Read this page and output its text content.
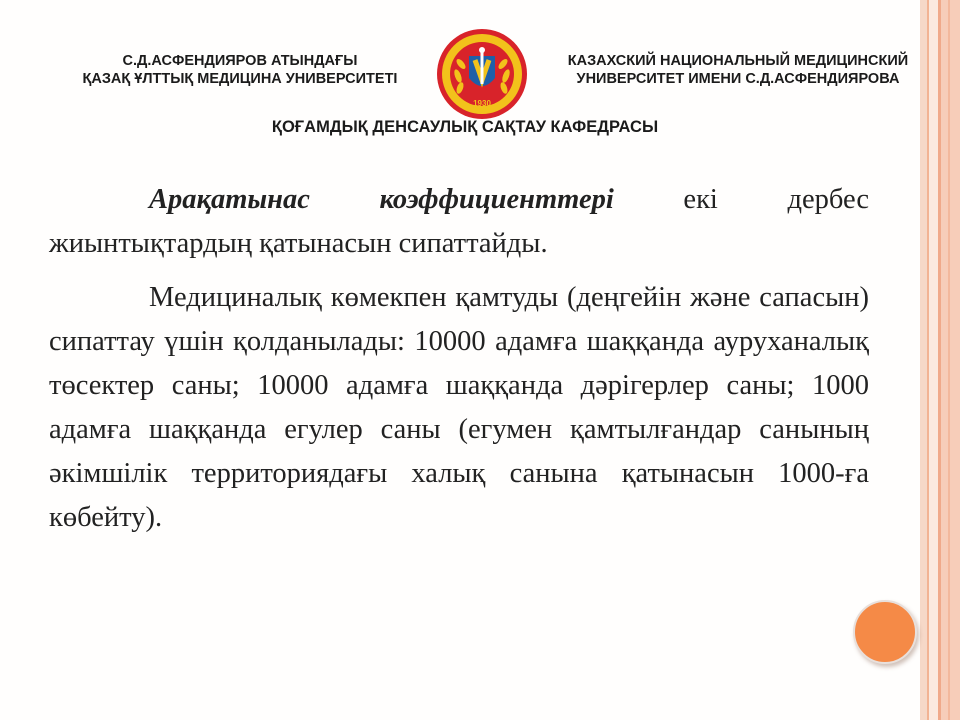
С.Д.АСФЕНДИЯРОВ АТЫНДАҒЫ
ҚАЗАҚ ҰЛТТЫҚ МЕДИЦИНА УНИВЕРСИТЕТІ
1930
КАЗАХСКИЙ НАЦИОНАЛЬНЫЙ МЕДИЦИНСКИЙ
УНИВЕРСИТЕТ ИМЕНИ С.Д.АСФЕНДИЯРОВА
ҚОҒАМДЫҚ ДЕНСАУЛЫҚ САҚТАУ КАФЕДРАСЫ

Арақатынас коэффициенттері екі дербес жиынтықтардың қатынасын сипаттайды.

Медициналық көмекпен қамтуды (деңгейін және сапасын) сипаттау үшін қолданылады: 10000 адамға шаққанда ауруханалық төсектер саны; 10000 адамға шаққанда дәрігерлер саны; 1000 адамға шаққанда егулер саны (егумен қамтылғандар санының әкімшілік территориядағы халық санына қатынасын 1000-ға көбейту).
